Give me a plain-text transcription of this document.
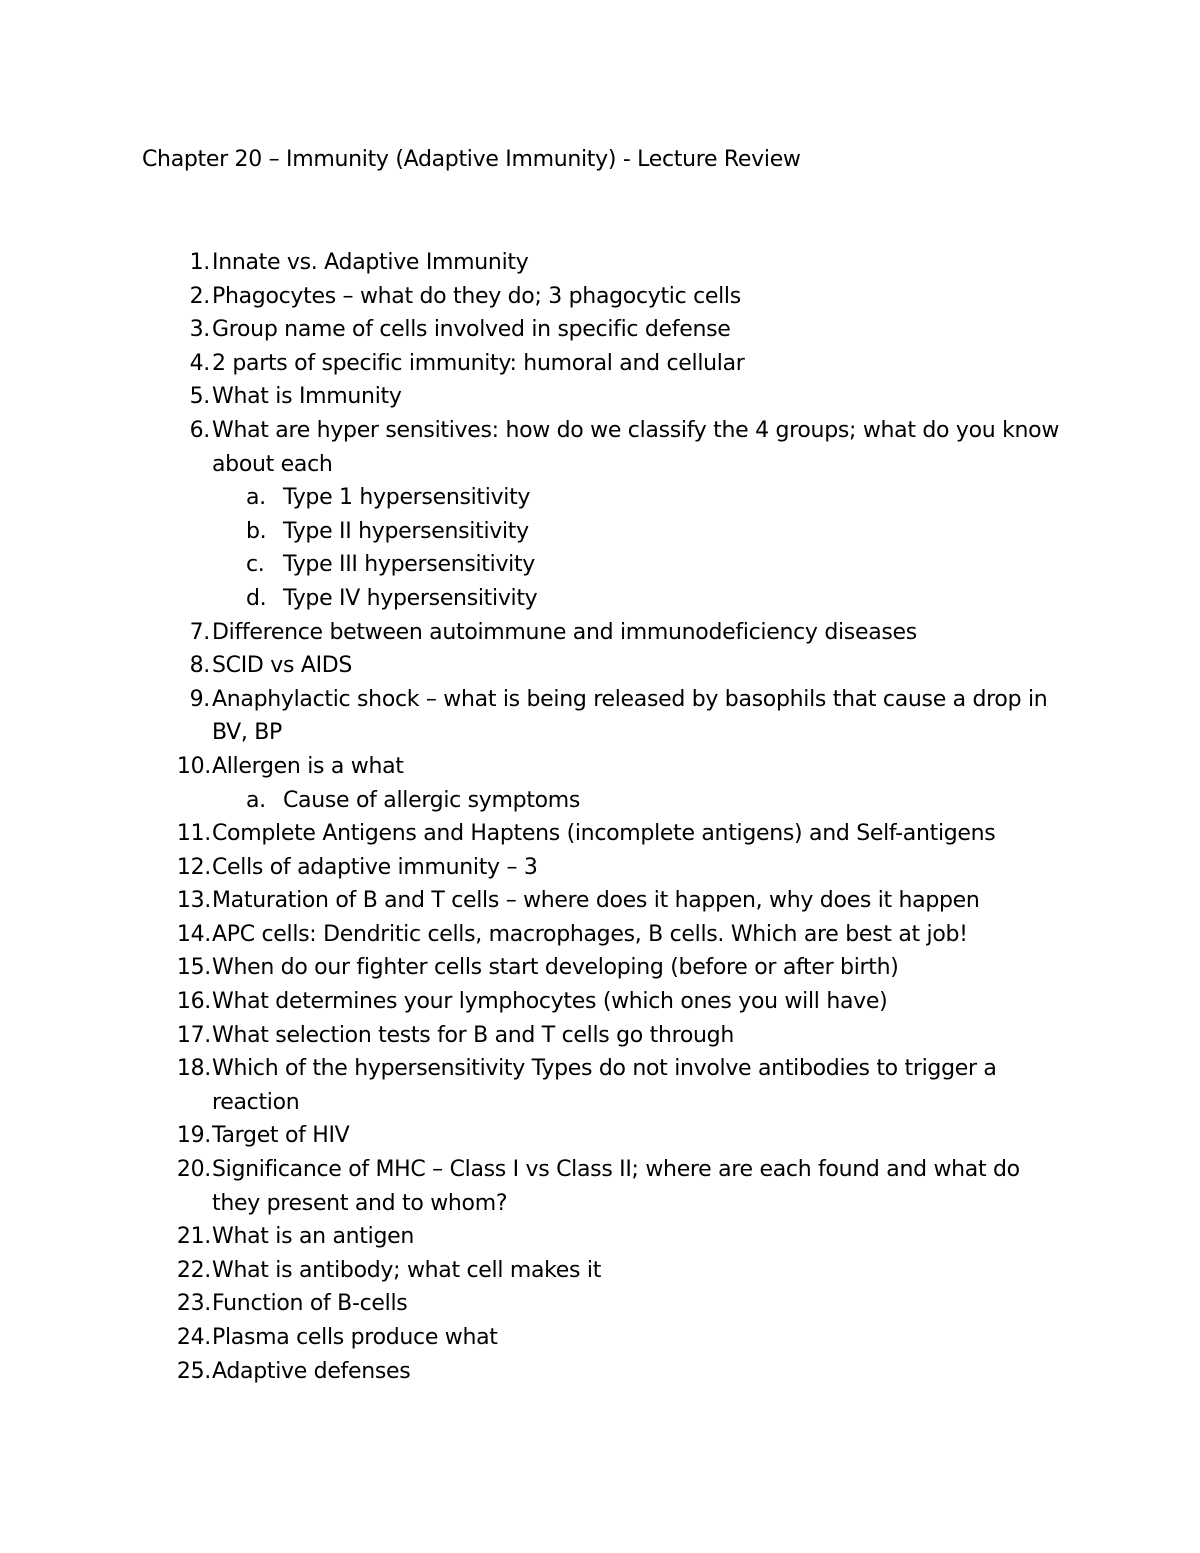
Chapter 20 – Immunity (Adaptive Immunity) - Lecture Review
1. Innate vs. Adaptive Immunity
2. Phagocytes – what do they do; 3 phagocytic cells
3. Group name of cells involved in specific defense
4. 2 parts of specific immunity: humoral and cellular
5. What is Immunity
6. What are hyper sensitives: how do we classify the 4 groups; what do you know about each
a. Type 1 hypersensitivity
b. Type II hypersensitivity
c. Type III hypersensitivity
d. Type IV hypersensitivity
7. Difference between autoimmune and immunodeficiency diseases
8. SCID vs AIDS
9. Anaphylactic shock – what is being released by basophils that cause a drop in BV, BP
10. Allergen is a what
a. Cause of allergic symptoms
11. Complete Antigens and Haptens (incomplete antigens) and Self-antigens
12. Cells of adaptive immunity – 3
13. Maturation of B and T cells – where does it happen, why does it happen
14. APC cells: Dendritic cells, macrophages, B cells. Which are best at job!
15. When do our fighter cells start developing (before or after birth)
16. What determines your lymphocytes (which ones you will have)
17. What selection tests for B and T cells go through
18. Which of the hypersensitivity Types do not involve antibodies to trigger a reaction
19. Target of HIV
20. Significance of MHC – Class I vs Class II; where are each found and what do they present and to whom?
21. What is an antigen
22. What is antibody; what cell makes it
23. Function of B-cells
24. Plasma cells produce what
25. Adaptive defenses
